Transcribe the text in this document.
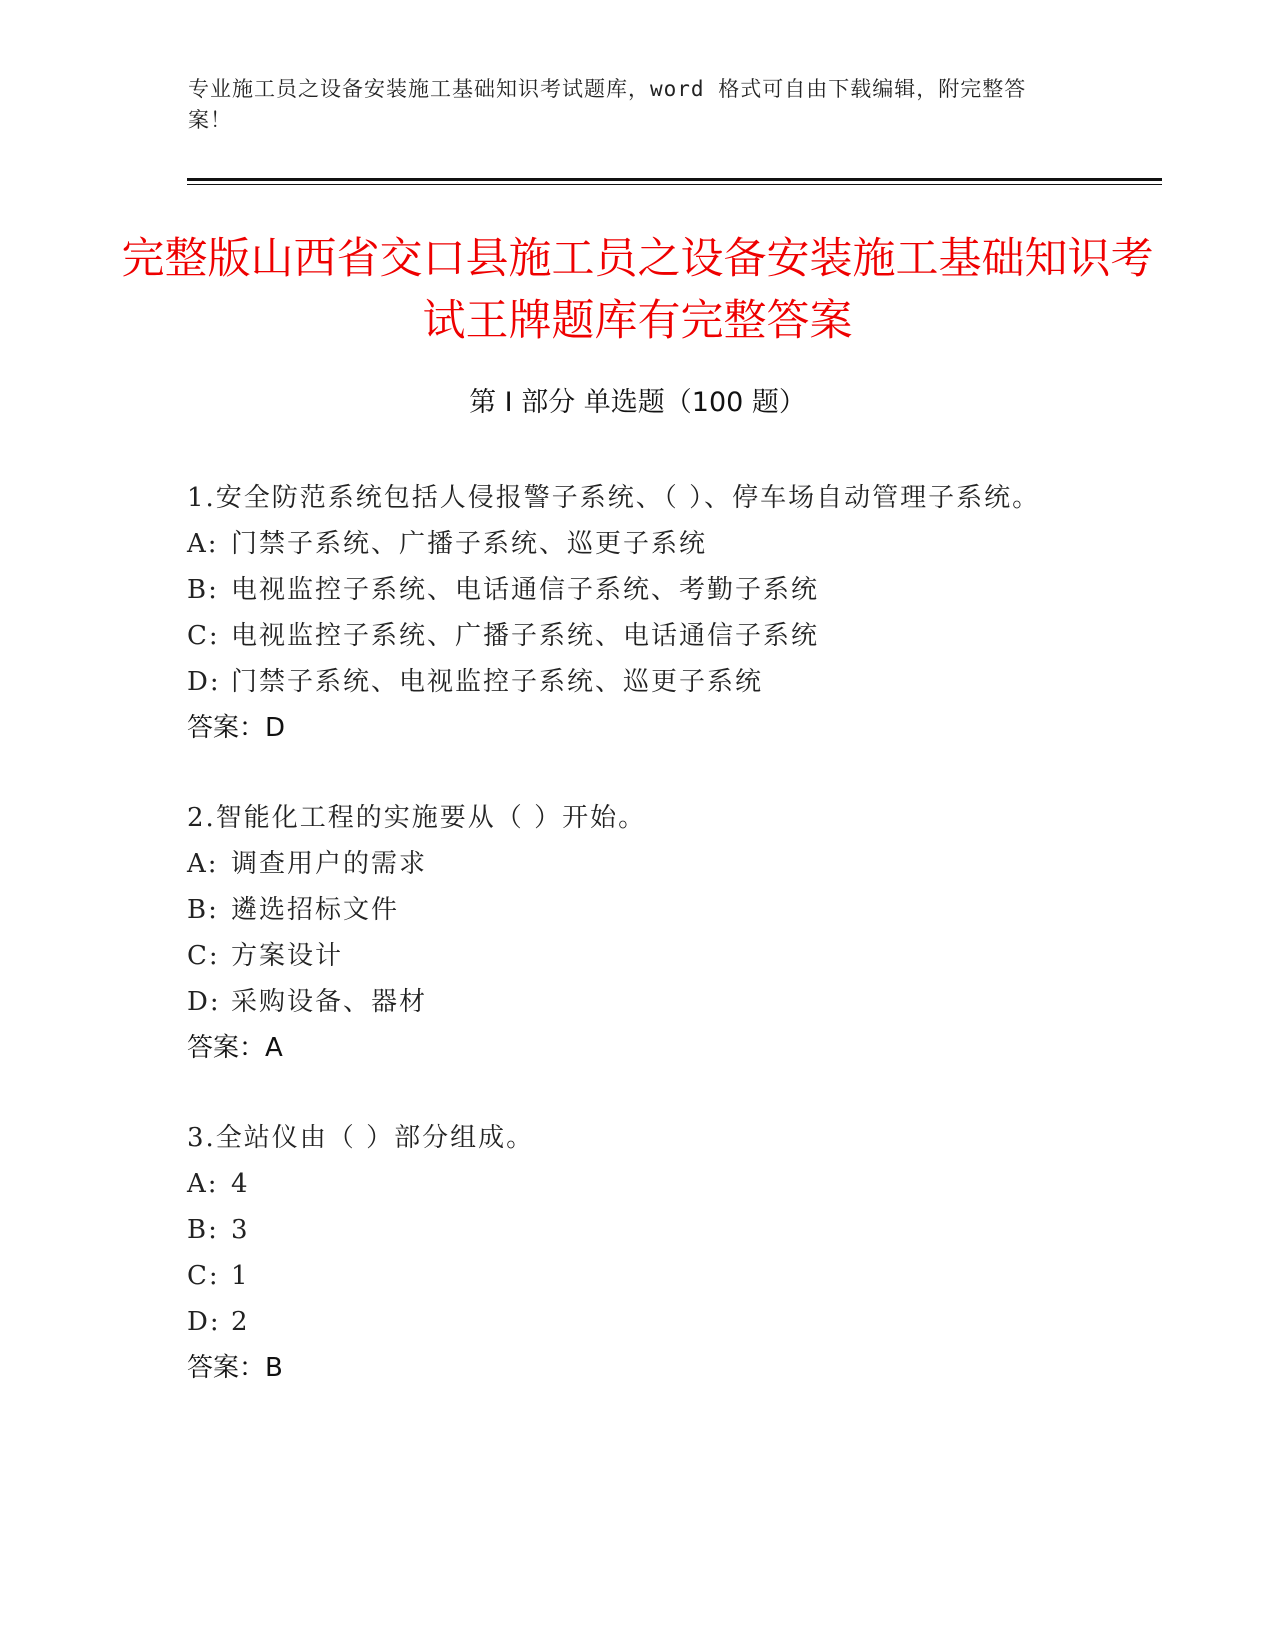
专业施工员之设备安装施工基础知识考试题库，word 格式可自由下载编辑，附完整答案！
完整版山西省交口县施工员之设备安装施工基础知识考试王牌题库有完整答案
第 I 部分 单选题（100 题）
1.安全防范系统包括人侵报警子系统、（ ）、停车场自动管理子系统。
A: 门禁子系统、广播子系统、巡更子系统
B: 电视监控子系统、电话通信子系统、考勤子系统
C: 电视监控子系统、广播子系统、电话通信子系统
D: 门禁子系统、电视监控子系统、巡更子系统
答案：D
2.智能化工程的实施要从（ ）开始。
A: 调查用户的需求
B: 遴选招标文件
C: 方案设计
D: 采购设备、器材
答案：A
3.全站仪由（ ）部分组成。
A: 4
B: 3
C: 1
D: 2
答案：B
